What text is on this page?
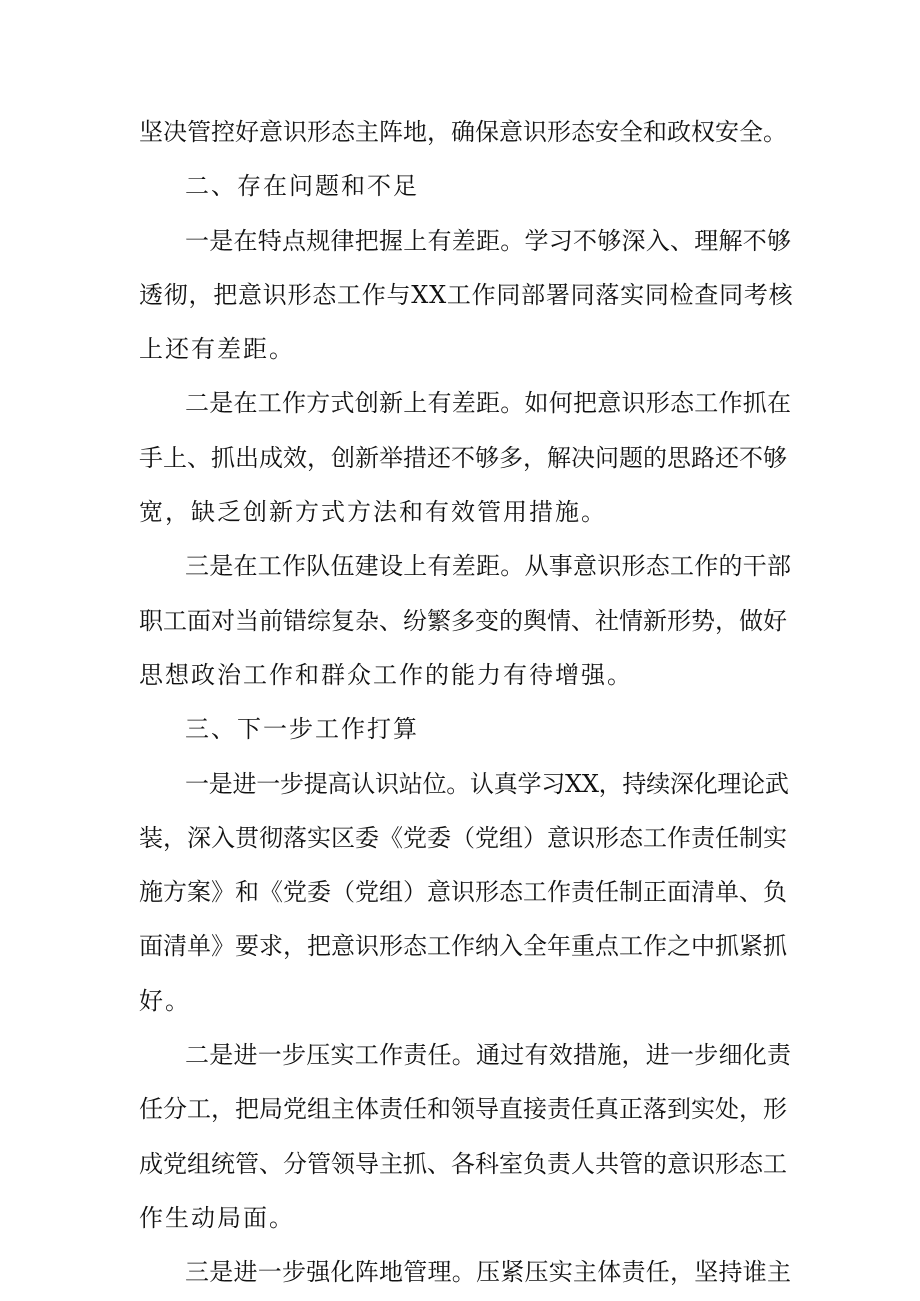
坚决管控好意识形态主阵地，确保意识形态安全和政权安全。
二、存在问题和不足
一是在特点规律把握上有差距。学习不够深入、理解不够
透彻，把意识形态工作与XX工作同部署同落实同检查同考核
上还有差距。
二是在工作方式创新上有差距。如何把意识形态工作抓在
手上、抓出成效，创新举措还不够多，解决问题的思路还不够
宽，缺乏创新方式方法和有效管用措施。
三是在工作队伍建设上有差距。从事意识形态工作的干部
职工面对当前错综复杂、纷繁多变的舆情、社情新形势，做好
思想政治工作和群众工作的能力有待增强。
三、下一步工作打算
一是进一步提高认识站位。认真学习XX，持续深化理论武
装，深入贯彻落实区委《党委（党组）意识形态工作责任制实
施方案》和《党委（党组）意识形态工作责任制正面清单、负
面清单》要求，把意识形态工作纳入全年重点工作之中抓紧抓
好。
二是进一步压实工作责任。通过有效措施，进一步细化责
任分工，把局党组主体责任和领导直接责任真正落到实处，形
成党组统管、分管领导主抓、各科室负责人共管的意识形态工
作生动局面。
三是进一步强化阵地管理。压紧压实主体责任，坚持谁主
